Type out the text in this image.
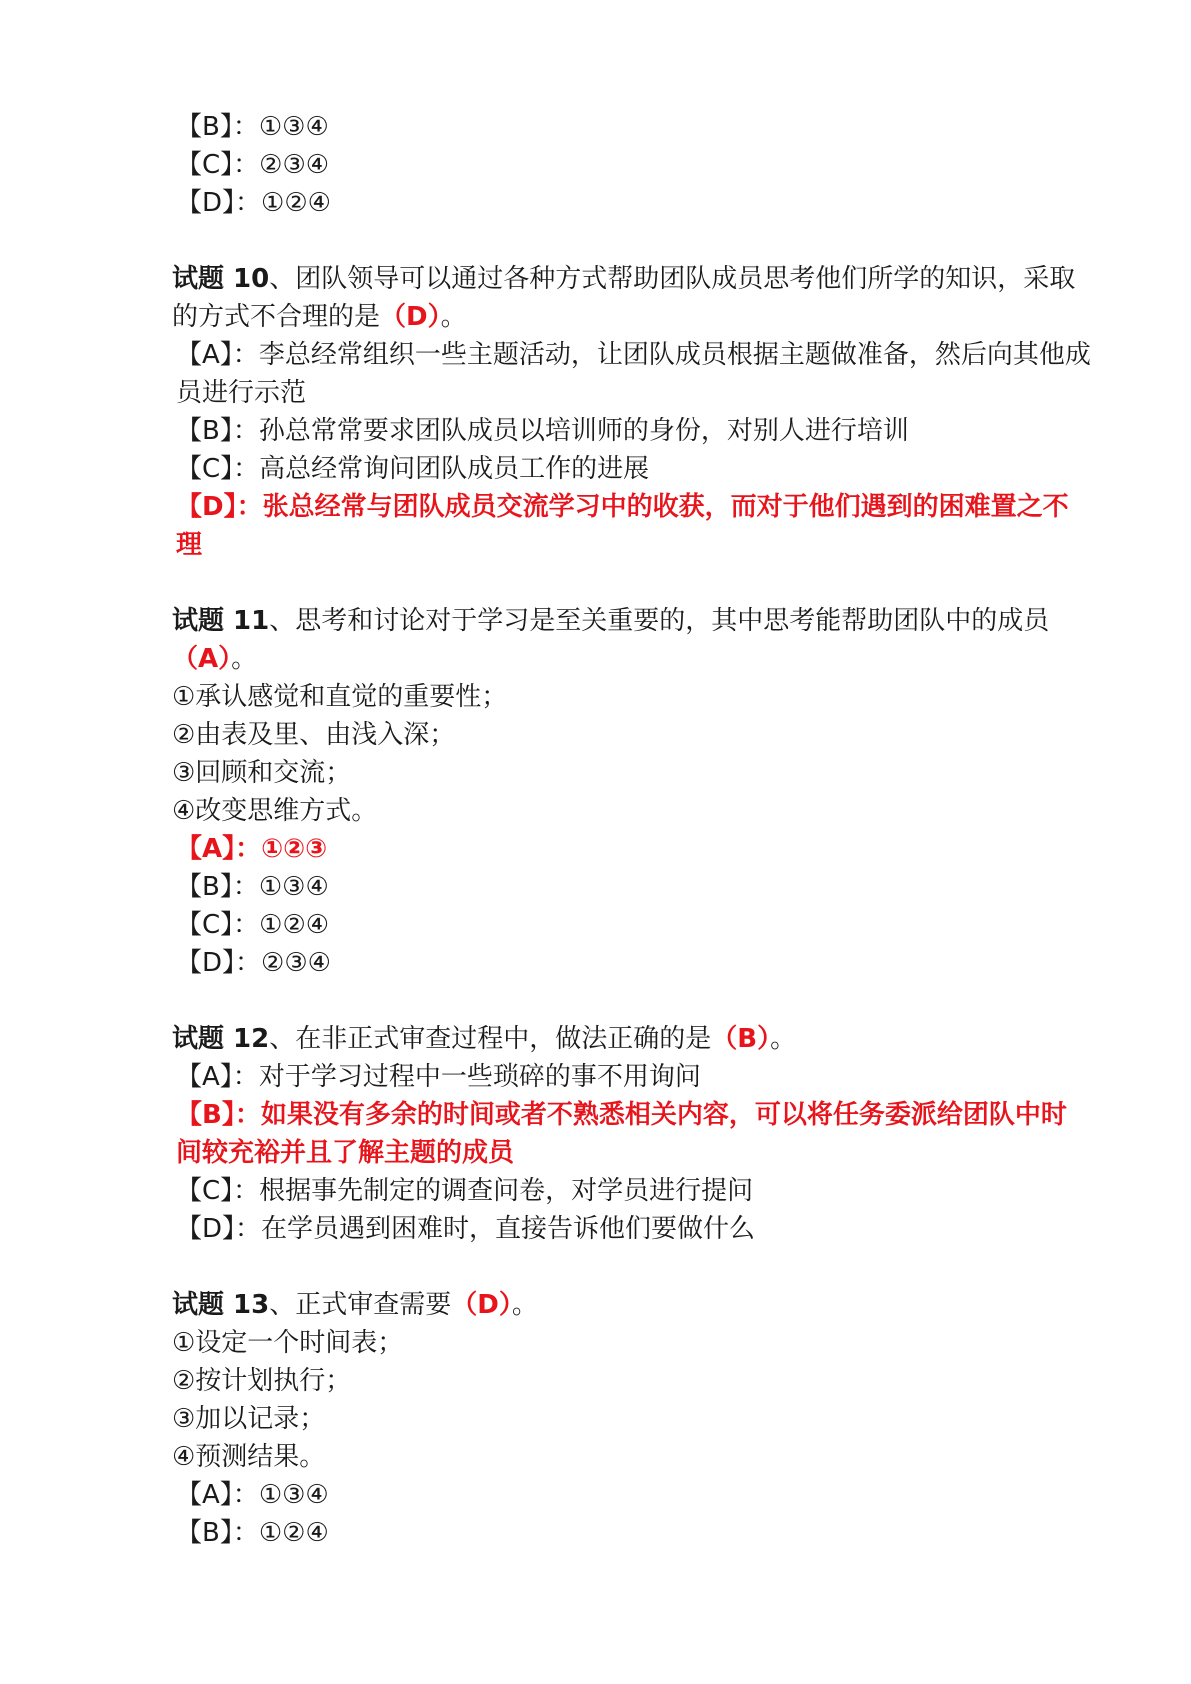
【B】：①③④

【C】：②③④

【D】：①②④

试题 10、团队领导可以通过各种方式帮助团队成员思考他们所学的知识，采取的方式不合理的是（D）。

【A】：李总经常组织一些主题活动，让团队成员根据主题做准备，然后向其他成员进行示范

【B】：孙总常常要求团队成员以培训师的身份，对别人进行培训

【C】：高总经常询问团队成员工作的进展

【D】：张总经常与团队成员交流学习中的收获，而对于他们遇到的困难置之不理

试题 11、思考和讨论对于学习是至关重要的，其中思考能帮助团队中的成员（A）。

①承认感觉和直觉的重要性；

②由表及里、由浅入深；

③回顾和交流；

④改变思维方式。

【A】：①②③

【B】：①③④

【C】：①②④

【D】：②③④

试题 12、在非正式审查过程中，做法正确的是（B）。

【A】：对于学习过程中一些琐碎的事不用询问

【B】：如果没有多余的时间或者不熟悉相关内容，可以将任务委派给团队中时间较充裕并且了解主题的成员

【C】：根据事先制定的调查问卷，对学员进行提问

【D】：在学员遇到困难时，直接告诉他们要做什么

试题 13、正式审查需要（D）。

①设定一个时间表；

②按计划执行；

③加以记录；

④预测结果。

【A】：①③④

【B】：①②④
